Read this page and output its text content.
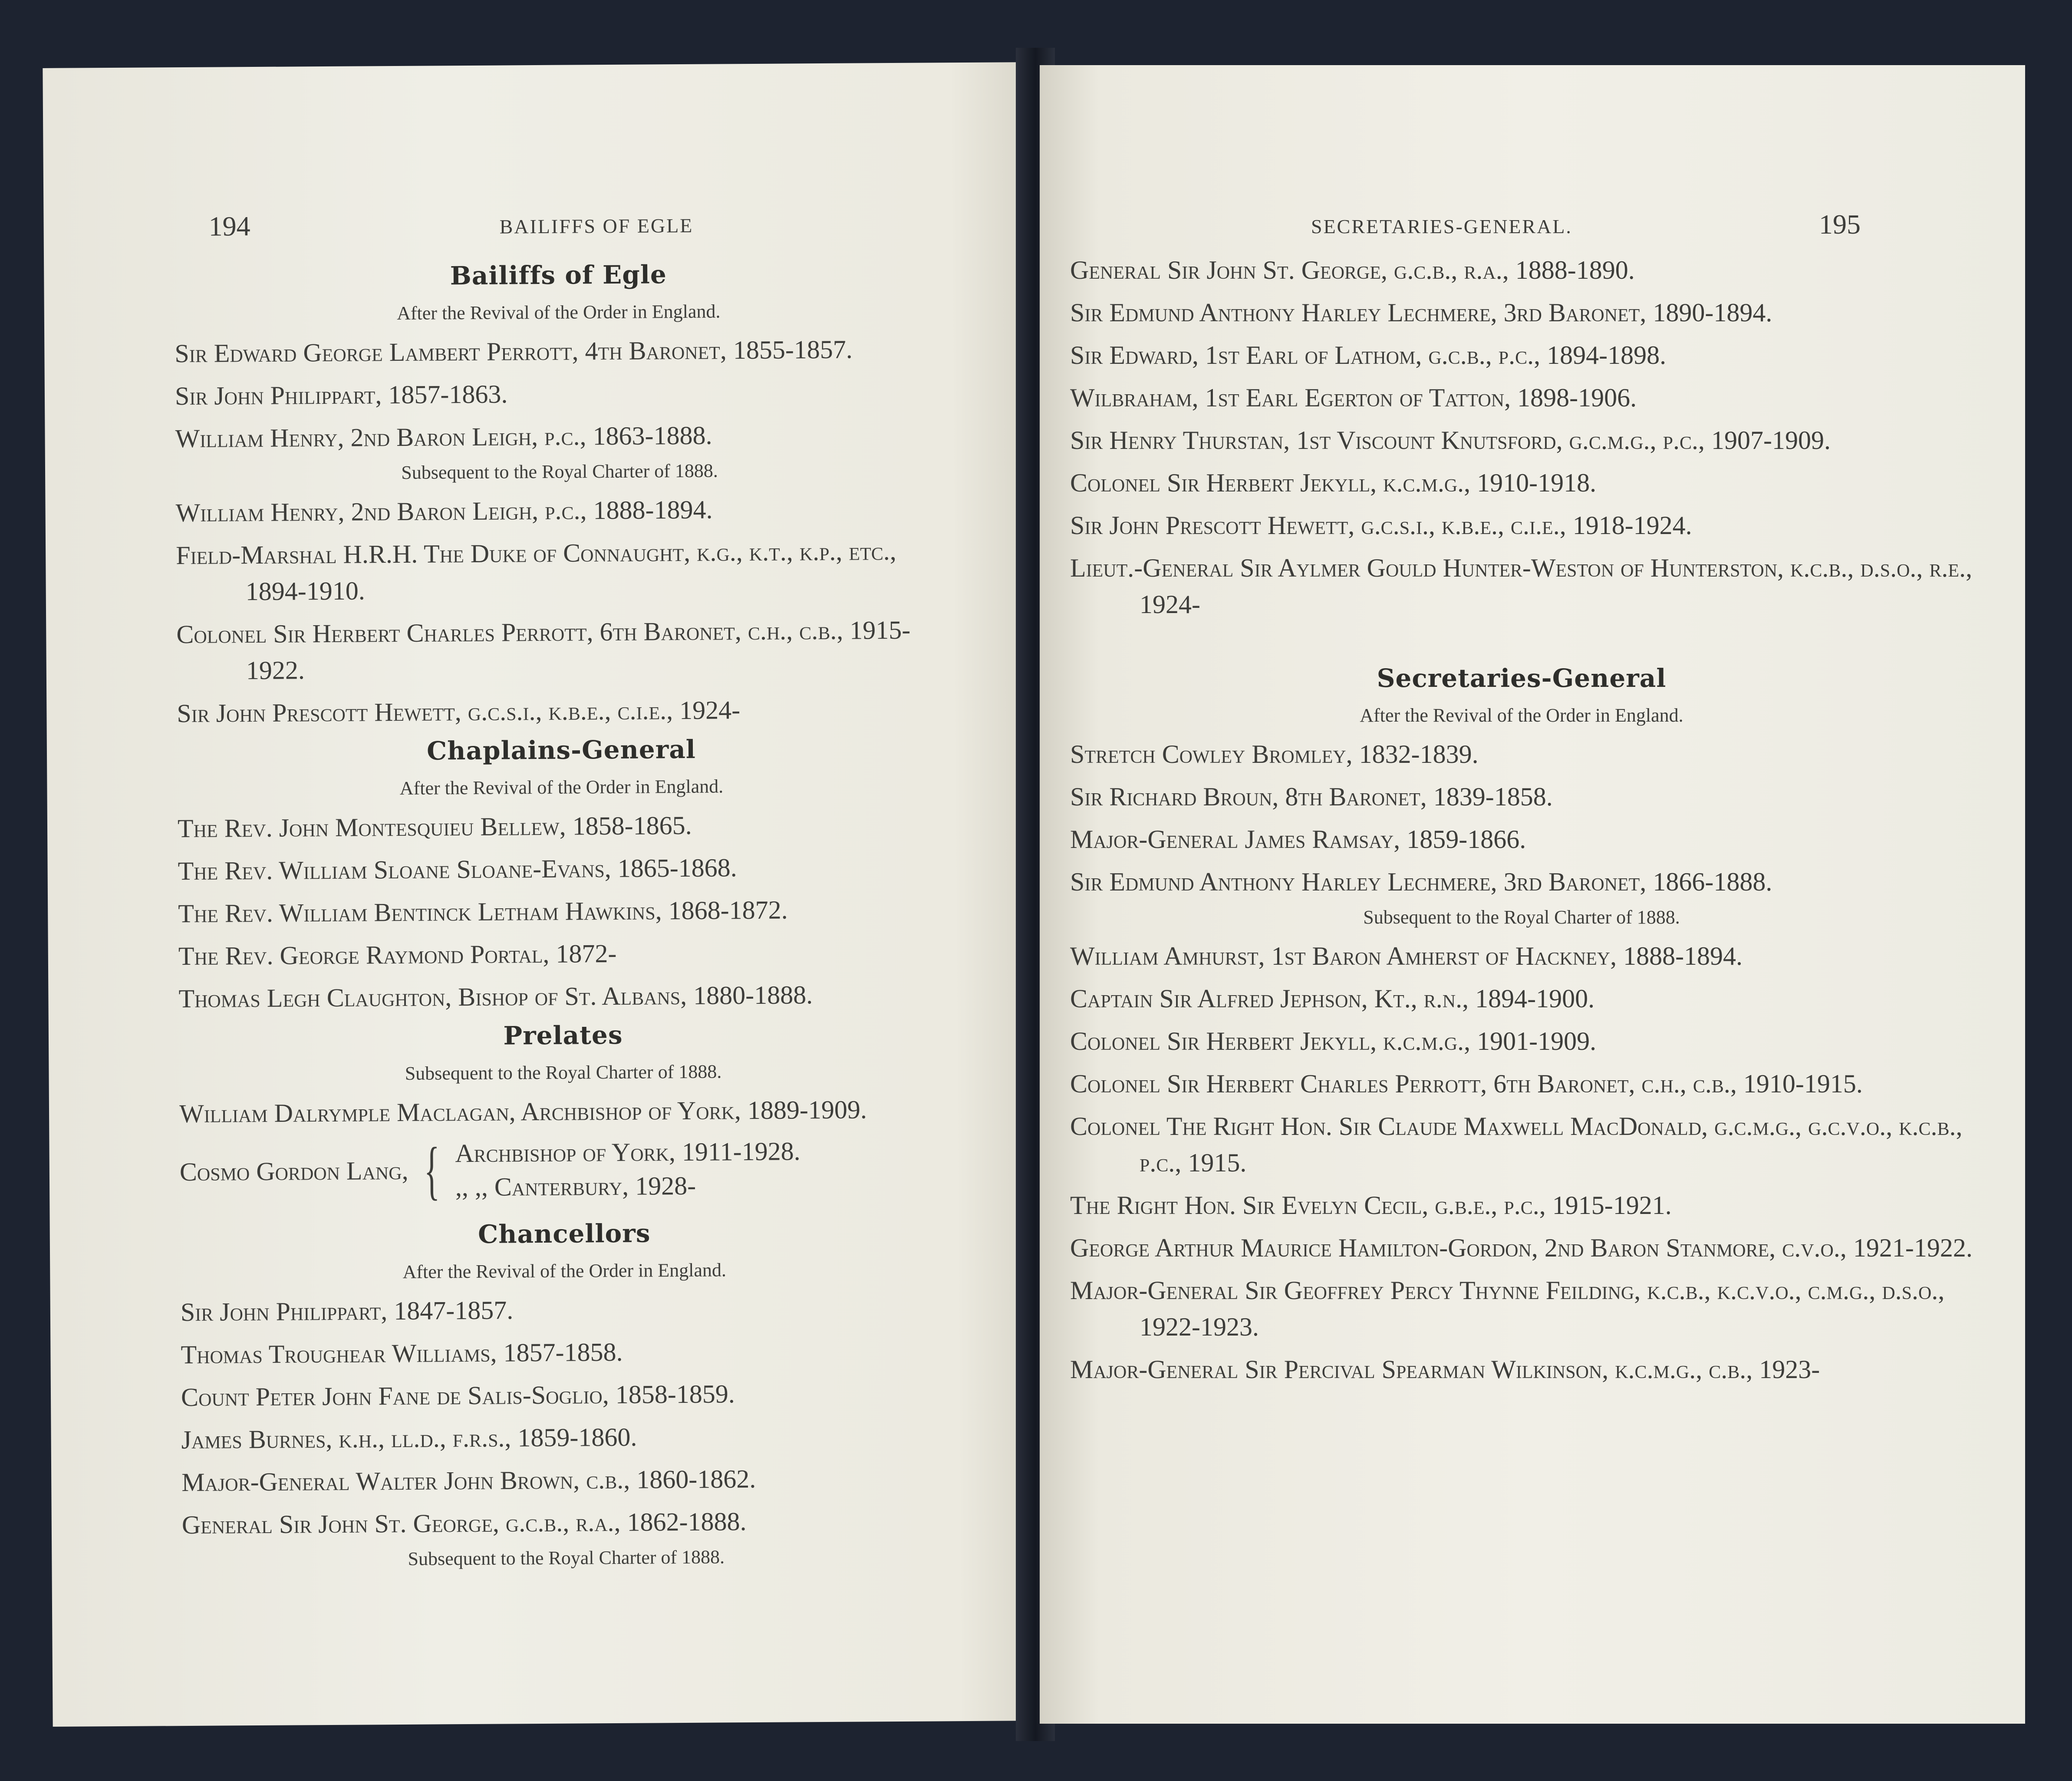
194	BAILIFFS OF EGLE
Bailiffs of Egle
After the Revival of the Order in England.
Sir Edward George Lambert Perrott, 4th Baronet, 1855-1857.
Sir John Philippart, 1857-1863.
William Henry, 2nd Baron Leigh, p.c., 1863-1888.
Subsequent to the Royal Charter of 1888.
William Henry, 2nd Baron Leigh, p.c., 1888-1894.
Field-Marshal H.R.H. The Duke of Connaught, k.g., k.t., k.p., etc., 1894-1910.
Colonel Sir Herbert Charles Perrott, 6th Baronet, c.h., c.b., 1915-1922.
Sir John Prescott Hewett, g.c.s.i., k.b.e., c.i.e., 1924-
Chaplains-General
After the Revival of the Order in England.
The Rev. John Montesquieu Bellew, 1858-1865.
The Rev. William Sloane Sloane-Evans, 1865-1868.
The Rev. William Bentinck Letham Hawkins, 1868-1872.
The Rev. George Raymond Portal, 1872-
Thomas Legh Claughton, Bishop of St. Albans, 1880-1888.
Prelates
Subsequent to the Royal Charter of 1888.
William Dalrymple Maclagan, Archbishop of York, 1889-1909.
Cosmo Gordon Lang, { Archbishop of York, 1911-1928.
,, ,, Canterbury, 1928-
Chancellors
After the Revival of the Order in England.
Sir John Philippart, 1847-1857.
Thomas Troughear Williams, 1857-1858.
Count Peter John Fane de Salis-Soglio, 1858-1859.
James Burnes, k.h., ll.d., f.r.s., 1859-1860.
Major-General Walter John Brown, c.b., 1860-1862.
General Sir John St. George, g.c.b., r.a., 1862-1888.
Subsequent to the Royal Charter of 1888.
SECRETARIES-GENERAL.	195
General Sir John St. George, g.c.b., r.a., 1888-1890.
Sir Edmund Anthony Harley Lechmere, 3rd Baronet, 1890-1894.
Sir Edward, 1st Earl of Lathom, g.c.b., p.c., 1894-1898.
Wilbraham, 1st Earl Egerton of Tatton, 1898-1906.
Sir Henry Thurstan, 1st Viscount Knutsford, g.c.m.g., p.c., 1907-1909.
Colonel Sir Herbert Jekyll, k.c.m.g., 1910-1918.
Sir John Prescott Hewett, g.c.s.i., k.b.e., c.i.e., 1918-1924.
Lieut.-General Sir Aylmer Gould Hunter-Weston of Hunterston, k.c.b., d.s.o., r.e., 1924-
Secretaries-General
After the Revival of the Order in England.
Stretch Cowley Bromley, 1832-1839.
Sir Richard Broun, 8th Baronet, 1839-1858.
Major-General James Ramsay, 1859-1866.
Sir Edmund Anthony Harley Lechmere, 3rd Baronet, 1866-1888.
Subsequent to the Royal Charter of 1888.
William Amhurst, 1st Baron Amherst of Hackney, 1888-1894.
Captain Sir Alfred Jephson, Kt., r.n., 1894-1900.
Colonel Sir Herbert Jekyll, k.c.m.g., 1901-1909.
Colonel Sir Herbert Charles Perrott, 6th Baronet, c.h., c.b., 1910-1915.
Colonel The Right Hon. Sir Claude Maxwell MacDonald, g.c.m.g., g.c.v.o., k.c.b., p.c., 1915.
The Right Hon. Sir Evelyn Cecil, g.b.e., p.c., 1915-1921.
George Arthur Maurice Hamilton-Gordon, 2nd Baron Stanmore, c.v.o., 1921-1922.
Major-General Sir Geoffrey Percy Thynne Feilding, k.c.b., k.c.v.o., c.m.g., d.s.o., 1922-1923.
Major-General Sir Percival Spearman Wilkinson, k.c.m.g., c.b., 1923-
